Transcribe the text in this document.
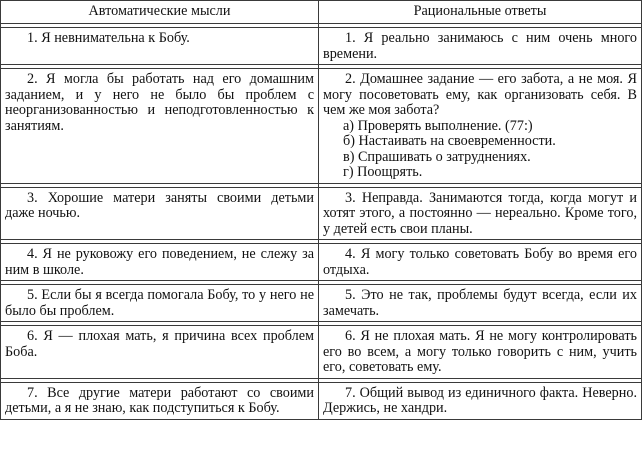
Автоматические мысли	Рациональные ответы

1. Я невнимательна к Бобу.	1. Я реально занимаюсь с ним очень много времени.

2. Я могла бы работать над его домашним заданием, и у него не было бы проблем с неорганизованностью и неподготовленностью к занятиям.	2. Домашнее задание — его забота, а не моя. Я могу посоветовать ему, как организовать себя. В чем же моя забота?

а) Проверять выполнение. (77:)

б) Настаивать на своевременности.

в) Спрашивать о затруднениях.

г) Поощрять.

3. Хорошие матери заняты своими детьми даже ночью.	3. Неправда. Занимаются тогда, когда могут и хотят этого, а постоянно — нереально. Кроме того, у детей есть свои планы.

4. Я не руковожу его поведением, не слежу за ним в школе.	4. Я могу только советовать Бобу во время его отдыха.

5. Если бы я всегда помогала Бобу, то у него не было бы проблем.	5. Это не так, проблемы будут всегда, если их замечать.

6. Я — плохая мать, я причина всех проблем Боба.	6. Я не плохая мать. Я не могу контролировать его во всем, а могу только говорить с ним, учить его, советовать ему.

7. Все другие матери работают со своими детьми, а я не знаю, как подступиться к Бобу.	7. Общий вывод из единичного факта. Неверно. Держись, не хандри.
